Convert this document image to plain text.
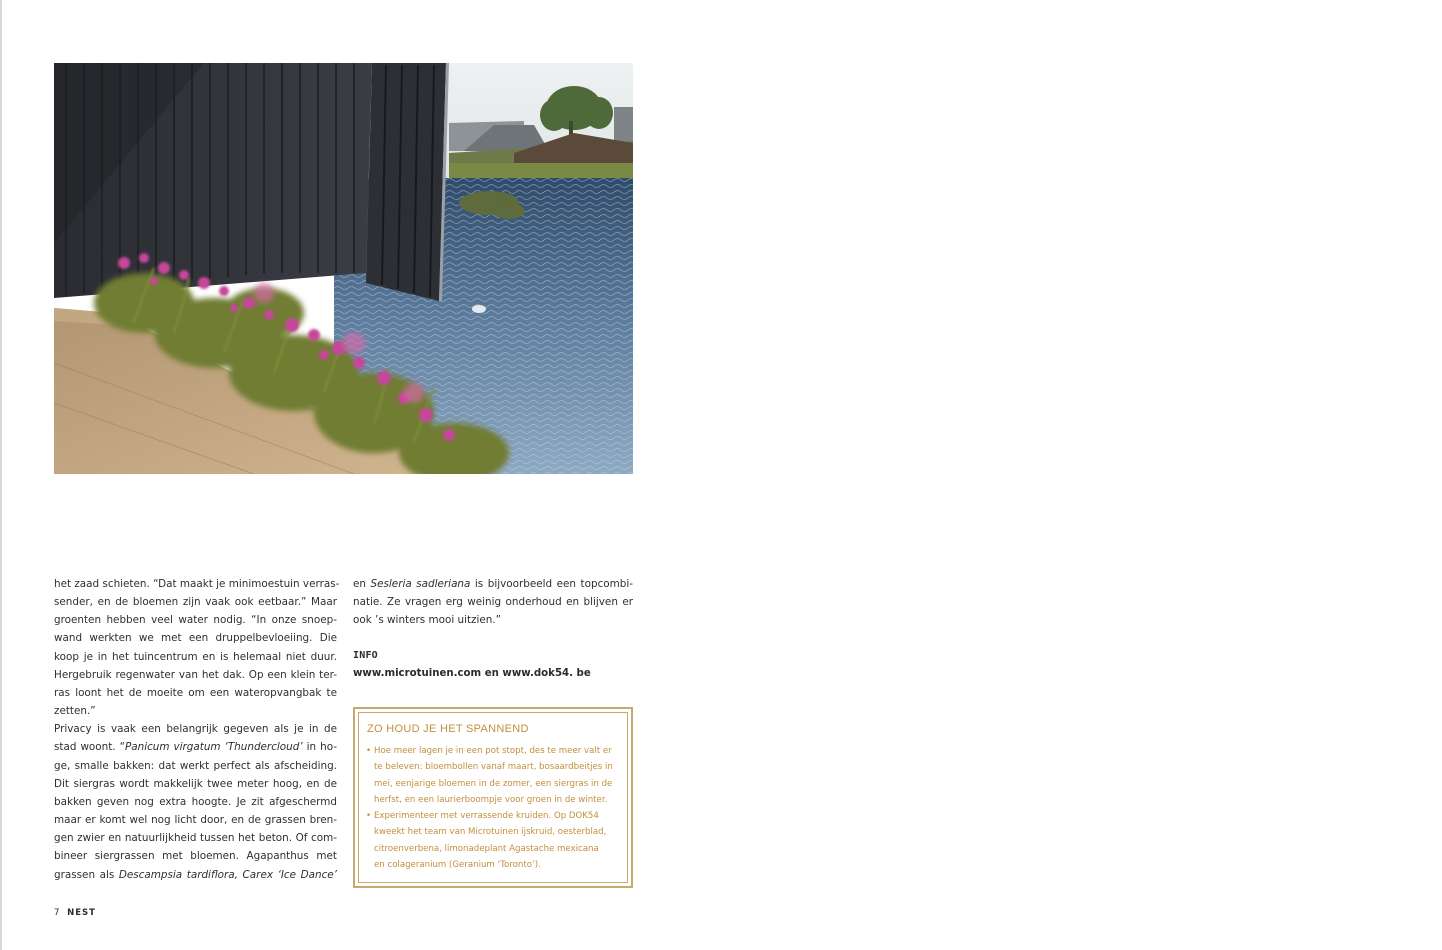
het zaad schieten. “Dat maakt je minimoestuin verras-
sender, en de bloemen zijn vaak ook eetbaar.” Maar
groenten hebben veel water nodig. “In onze snoep-
wand werkten we met een druppelbevloeiing. Die
koop je in het tuincentrum en is helemaal niet duur.
Hergebruik regenwater van het dak. Op een klein ter-
ras loont het de moeite om een wateropvangbak te
zetten.”
Privacy is vaak een belangrijk gegeven als je in de
stad woont. “Panicum virgatum ‘Thundercloud’ in ho-
ge, smalle bakken: dat werkt perfect als afscheiding.
Dit siergras wordt makkelijk twee meter hoog, en de
bakken geven nog extra hoogte. Je zit afgeschermd
maar er komt wel nog licht door, en de grassen bren-
gen zwier en natuurlijkheid tussen het beton. Of com-
bineer siergrassen met bloemen. Agapanthus met
grassen als Descampsia tardiflora, Carex ‘Ice Dance’
en Sesleria sadleriana is bijvoorbeeld een topcombi-
natie. Ze vragen erg weinig onderhoud en blijven er
ook ’s winters mooi uitzien.”
INFO
www.microtuinen.com en www.dok54. be
ZO HOUD JE HET SPANNEND
• Hoe meer lagen je in een pot stopt, des te meer valt er
te beleven: bloembollen vanaf maart, bosaardbeitjes in
mei, eenjarige bloemen in de zomer, een siergras in de
herfst, en een laurierboompje voor groen in de winter.
• Experimenteer met verrassende kruiden. Op DOK54
kweekt het team van Microtuinen ijskruid, oesterblad,
citroenverbena, limonadeplant Agastache mexicana
en colageranium (Geranium ‘Toronto’).
7 NEST
